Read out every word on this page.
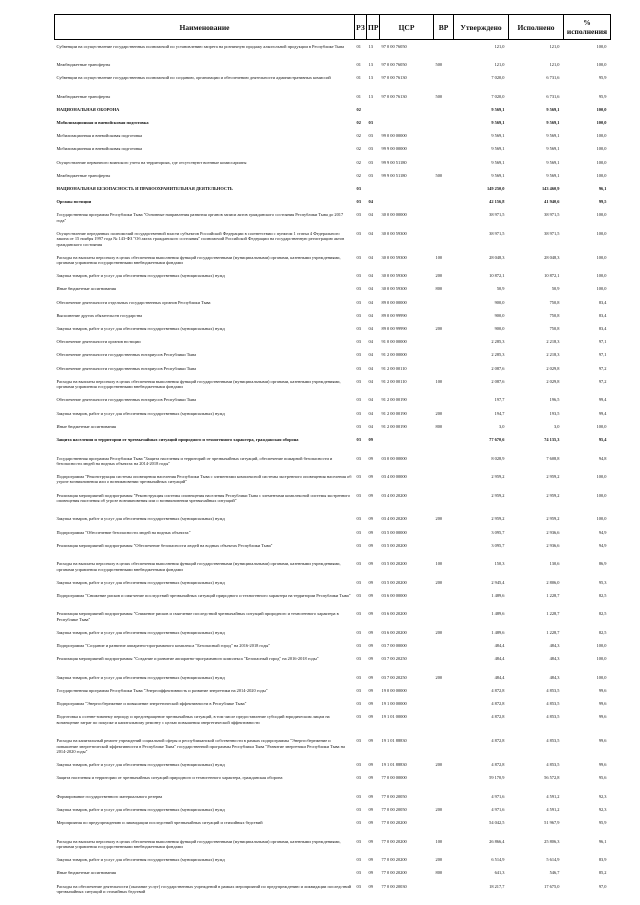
Наименование	РЗ	ПР	ЦСР	ВР	Утверждено	Исполнено	% исполнения
Субвенции на осуществление государственных полномочий по установлению запрета на розничную продажу алкогольной продукции в Республике Тыва	01	13	97 0 00 76050		121,0	121,0	100,0
Межбюджетные трансферты	01	13	97 0 00 76050	500	121,0	121,0	100,0
Субвенции на осуществление государственных полномочий по созданию, организации и обеспечению деятельности административных комиссий	01	13	97 0 00 76130		7 020,0	6 731,6	95,9
Межбюджетные трансферты	01	13	97 0 00 76130	500	7 020,0	6 731,6	95,9
НАЦИОНАЛЬНАЯ ОБОРОНА	02				9 569,1	9 569,1	100,0
Мобилизационная и вневойсковая подготовка	02	03			9 569,1	9 569,1	100,0
Мобилизационная и вневойсковая подготовка	02	03	99 0 00 00000		9 569,1	9 569,1	100,0
Мобилизационная и вневойсковая подготовка	02	03	99 9 00 00000		9 569,1	9 569,1	100,0
Осуществление первичного воинского учета на территориях, где отсутствуют военные комиссариаты	02	03	99 9 00 51180		9 569,1	9 569,1	100,0
Межбюджетные трансферты	02	03	99 9 00 51180	500	9 569,1	9 569,1	100,0
НАЦИОНАЛЬНАЯ БЕЗОПАСНОСТЬ И ПРАВООХРАНИТЕЛЬНАЯ ДЕЯТЕЛЬНОСТЬ	03				149 250,0	143 460,9	96,1
Органы юстиции	03	04			42 156,8	41 940,6	99,5
Государственная программа Республики Тыва "Основные направления развития органов записи актов гражданского состояния Республики Тыва до 2017 года"	03	04	30 0 00 00000		38 971,5	38 971,5	100,0
Осуществление переданных полномочий государственной власти субъектов Российской Федерации в соответствии с пунктом 1 статьи 4 Федерального закона от 15 ноября 1997 года № 143-ФЗ "Об актах гражданского состояния" полномочий Российской Федерации на государственную регистрацию актов гражданского состояния	03	04	30 0 00 59300		38 971,5	38 971,5	100,0
Расходы на выплаты персоналу в целях обеспечения выполнения функций государственными (муниципальными) органами, казенными учреждениями, органами управления государственными внебюджетными фондами	03	04	30 0 00 59300	100	28 048,3	28 048,3	100,0
Закупка товаров, работ и услуг для обеспечения государственных (муниципальных) нужд	03	04	30 0 00 59300	200	10 872,1	10 872,1	100,0
Иные бюджетные ассигнования	03	04	30 0 00 59300	800	50,9	50,9	100,0
Обеспечение деятельности отдельных государственных органов Республики Тыва	03	04	89 0 00 00000		900,0	750,8	83,4
Выполнение других обязательств государства	03	04	89 0 00 99990		900,0	750,8	83,4
Закупка товаров, работ и услуг для обеспечения государственных (муниципальных) нужд	03	04	89 0 00 99990	200	900,0	750,8	83,4
Обеспечение деятельности органов юстиции	03	04	91 0 00 00000		2 285,3	2 218,3	97,1
Обеспечение деятельности государственных нотариусов Республики Тыва	03	04	91 2 00 00000		2 285,3	2 218,3	97,1
Обеспечение деятельности государственных нотариусов Республики Тыва	03	04	91 2 00 00110		2 087,6	2 029,8	97,2
Расходы на выплаты персоналу в целях обеспечения выполнения функций государственными (муниципальными) органами, казенными учреждениями, органами управления государственными внебюджетными фондами	03	04	91 2 00 00110	100	2 087,6	2 029,8	97,2
Обеспечение деятельности государственных нотариусов Республики Тыва	03	04	91 2 00 00190		197,7	196,5	99,4
Закупка товаров, работ и услуг для обеспечения государственных (муниципальных) нужд	03	04	91 2 00 00190	200	194,7	193,5	99,4
Иные бюджетные ассигнования	03	04	91 2 00 00190	800	3,0	3,0	100,0
Защита населения и территории от чрезвычайных ситуаций природного и техногенного характера, гражданская оборона	03	09			77 670,6	74 135,3	95,4
Государственная программа Республики Тыва "Защита населения и территорий от чрезвычайных ситуаций, обеспечение пожарной безопасности и безопасности людей на водных объектах на 2014-2018 годы"	03	09	03 0 00 00000		8 028,9	7 608,8	94,8
Подпрограмма "Реконструкция системы оповещения населения Республики Тыва с элементами комплексной системы экстренного оповещения населения об угрозе возникновения или о возникновении чрезвычайных ситуаций"	03	09	03 4 00 00000		2 959,2	2 959,2	100,0
Реализация мероприятий подпрограммы "Реконструкция системы оповещения населения Республики Тыва с элементами комплексной системы экстренного оповещения населения об угрозе возникновения или о возникновении чрезвычайных ситуаций"	03	09	03 4 00 20200		2 959,2	2 959,2	100,0
Закупка товаров, работ и услуг для обеспечения государственных (муниципальных) нужд	03	09	03 4 00 20200	200	2 959,2	2 959,2	100,0
Подпрограмма "Обеспечение безопасности людей на водных объектах"	03	09	03 5 00 00000		3 095,7	2 936,6	94,9
Реализация мероприятий подпрограммы "Обеспечение безопасности людей на водных объектах Республики Тыва"	03	09	03 5 00 20200		3 095,7	2 936,6	94,9
Расходы на выплаты персоналу в целях обеспечения выполнения функций государственными (муниципальными) органами, казенными учреждениями, органами управления государственными внебюджетными фондами	03	09	03 5 00 20200	100	150,3	130,6	86,9
Закупка товаров, работ и услуг для обеспечения государственных (муниципальных) нужд	03	09	03 5 00 20200	200	2 945,4	2 806,0	95,3
Подпрограмма "Снижение рисков и смягчение последствий чрезвычайных ситуаций природного и техногенного характера на территории Республики Тыва"	03	09	03 6 00 00000		1 489,6	1 228,7	82,5
Реализация мероприятий подпрограммы "Снижение рисков и смягчение последствий чрезвычайных ситуаций природного и техногенного характера в Республике Тыва"	03	09	03 6 00 20200		1 489,6	1 228,7	82,5
Закупка товаров, работ и услуг для обеспечения государственных (муниципальных) нужд	03	09	03 6 00 20200	200	1 489,6	1 228,7	82,5
Подпрограмма "Создание и развитие аппаратно-программного комплекса "Безопасный город" на 2016-2018 годы"	03	09	03 7 00 00000		484,4	484,3	100,0
Реализация мероприятий подпрограммы "Создание и развитие аппаратно-программного комплекса "Безопасный город" на 2016-2018 годы"	03	09	03 7 00 20250		484,4	484,3	100,0
Закупка товаров, работ и услуг для обеспечения государственных (муниципальных) нужд	03	09	03 7 00 20250	200	484,4	484,3	100,0
Государственная программа Республики Тыва "Энергоэффективность и развитие энергетики на 2014-2020 годы"	03	09	19 0 00 00000		4 872,8	4 853,5	99,6
Подпрограмма "Энергосбережение и повышение энергетической эффективности в Республике Тыва"	03	09	19 1 00 00000		4 872,8	4 853,5	99,6
Подготовка к осенне-зимнему периоду и предотвращение чрезвычайных ситуаций, в том числе предоставление субсидий юридическим лицам на возмещение затрат по покупке и капитальному ремонту с целью повышения энергетической эффективности	03	09	19 1 01 00000		4 872,8	4 853,5	99,6
Расходы на капитальный ремонт учреждений социальной сферы и республиканской собственности в рамках подпрограммы "Энергосбережение и повышение энергетической эффективности в Республике Тыва" государственной программы Республики Тыва "Развитие энергетики Республики Тыва на 2014-2020 годы"	03	09	19 1 01 88830		4 872,8	4 853,5	99,6
Закупка товаров, работ и услуг для обеспечения государственных (муниципальных) нужд	03	09	19 1 01 88830	200	4 872,8	4 853,5	99,6
Защита населения и территории от чрезвычайных ситуаций природного и техногенного характера, гражданская оборона	03	09	77 0 00 00000		59 170,9	56 572,8	95,6
Формирование государственного материального резерва	03	09	77 0 00 20050		4 971,6	4 591,2	92,3
Закупка товаров, работ и услуг для обеспечения государственных (муниципальных) нужд	03	09	77 0 00 20050	200	4 971,6	4 591,2	92,3
Мероприятия по предупреждению и ликвидации последствий чрезвычайных ситуаций и стихийных бедствий	03	09	77 0 00 20200		54 042,5	51 967,9	95,9
Расходы на выплаты персоналу в целях обеспечения выполнения функций государственными (муниципальными) органами, казенными учреждениями, органами управления государственными внебюджетными фондами	03	09	77 0 00 20200	100	26 866,4	25 806,3	96,1
Закупка товаров, работ и услуг для обеспечения государственных (муниципальных) нужд	03	09	77 0 00 20200	200	6 514,9	5 614,9	83,9
Иные бюджетные ассигнования	03	09	77 0 00 20200	800	641,3	546,7	85,2
Расходы на обеспечение деятельности (оказание услуг) государственных учреждений в рамках мероприятий по предупреждению и ликвидации последствий чрезвычайных ситуаций и стихийных бедствий	03	09	77 0 00 20030		18 217,7	17 675,0	97,0
